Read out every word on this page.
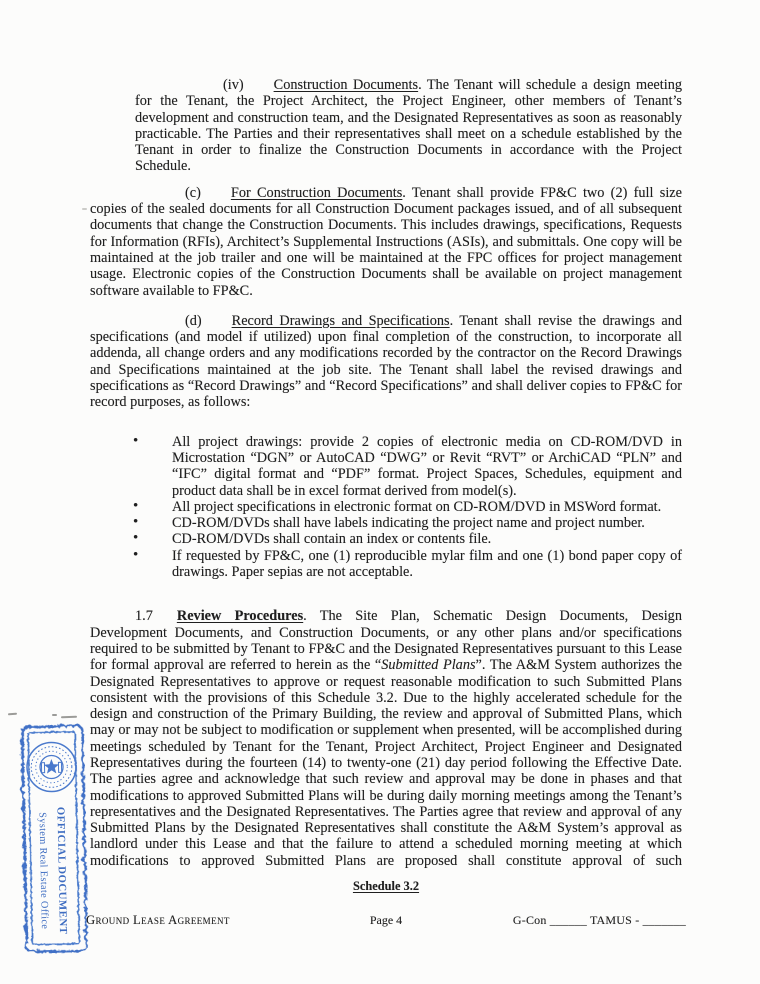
(iv) Construction Documents. The Tenant will schedule a design meeting for the Tenant, the Project Architect, the Project Engineer, other members of Tenant’s development and construction team, and the Designated Representatives as soon as reasonably practicable. The Parties and their representatives shall meet on a schedule established by the Tenant in order to finalize the Construction Documents in accordance with the Project Schedule.

(c) For Construction Documents. Tenant shall provide FP&C two (2) full size copies of the sealed documents for all Construction Document packages issued, and of all subsequent documents that change the Construction Documents. This includes drawings, specifications, Requests for Information (RFIs), Architect’s Supplemental Instructions (ASIs), and submittals. One copy will be maintained at the job trailer and one will be maintained at the FPC offices for project management usage. Electronic copies of the Construction Documents shall be available on project management software available to FP&C.

(d) Record Drawings and Specifications. Tenant shall revise the drawings and specifications (and model if utilized) upon final completion of the construction, to incorporate all addenda, all change orders and any modifications recorded by the contractor on the Record Drawings and Specifications maintained at the job site. The Tenant shall label the revised drawings and specifications as “Record Drawings” and “Record Specifications” and shall deliver copies to FP&C for record purposes, as follows:

• All project drawings: provide 2 copies of electronic media on CD-ROM/DVD in Microstation “DGN” or AutoCAD “DWG” or Revit “RVT” or ArchiCAD “PLN” and “IFC” digital format and “PDF” format. Project Spaces, Schedules, equipment and product data shall be in excel format derived from model(s).
• All project specifications in electronic format on CD-ROM/DVD in MSWord format.
• CD-ROM/DVDs shall have labels indicating the project name and project number.
• CD-ROM/DVDs shall contain an index or contents file.
• If requested by FP&C, one (1) reproducible mylar film and one (1) bond paper copy of drawings. Paper sepias are not acceptable.

1.7 Review Procedures. The Site Plan, Schematic Design Documents, Design Development Documents, and Construction Documents, or any other plans and/or specifications required to be submitted by Tenant to FP&C and the Designated Representatives pursuant to this Lease for formal approval are referred to herein as the “Submitted Plans”. The A&M System authorizes the Designated Representatives to approve or request reasonable modification to such Submitted Plans consistent with the provisions of this Schedule 3.2. Due to the highly accelerated schedule for the design and construction of the Primary Building, the review and approval of Submitted Plans, which may or may not be subject to modification or supplement when presented, will be accomplished during meetings scheduled by Tenant for the Tenant, Project Architect, Project Engineer and Designated Representatives during the fourteen (14) to twenty-one (21) day period following the Effective Date. The parties agree and acknowledge that such review and approval may be done in phases and that modifications to approved Submitted Plans will be during daily morning meetings among the Tenant’s representatives and the Designated Representatives. The Parties agree that review and approval of any Submitted Plans by the Designated Representatives shall constitute the A&M System’s approval as landlord under this Lease and that the failure to attend a scheduled morning meeting at which modifications to approved Submitted Plans are proposed shall constitute approval of such

Schedule 3.2
Ground Lease Agreement	Page 4	G-Con ______ TAMUS - _______
System Real Estate Office OFFICIAL DOCUMENT
